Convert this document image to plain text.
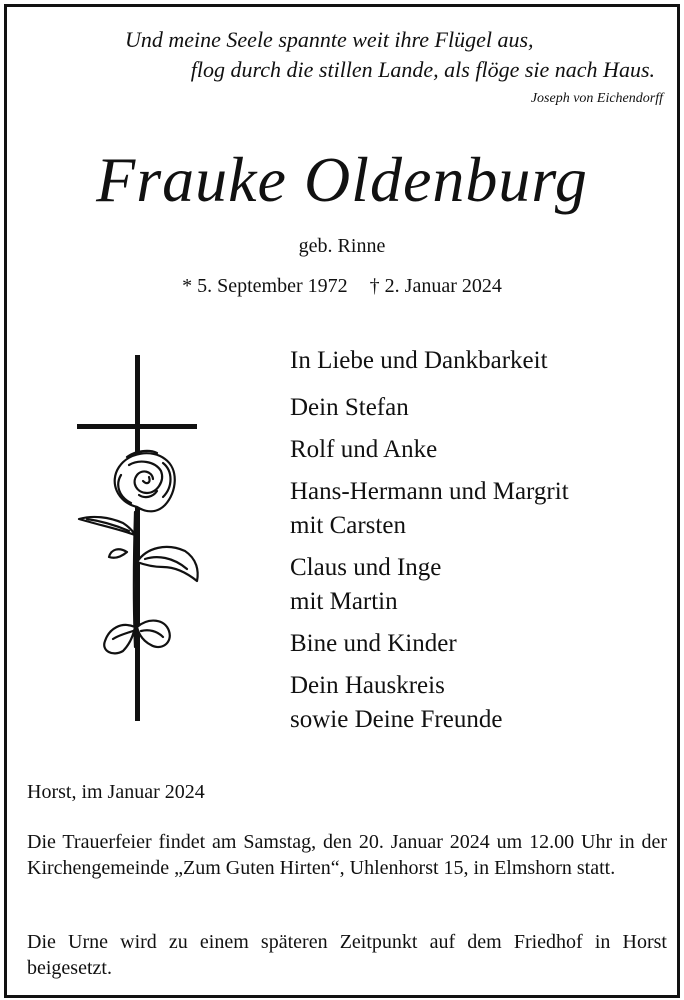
Und meine Seele spannte weit ihre Flügel aus,
flog durch die stillen Lande, als flöge sie nach Haus.
Joseph von Eichendorff
Frauke Oldenburg
geb. Rinne
* 5. September 1972 † 2. Januar 2024
In Liebe und Dankbarkeit
Dein Stefan
Rolf und Anke
Hans-Hermann und Margrit
mit Carsten
Claus und Inge
mit Martin
Bine und Kinder
Dein Hauskreis
sowie Deine Freunde
Horst, im Januar 2024
Die Trauerfeier findet am Samstag, den 20. Januar 2024 um 12.00 Uhr in der Kirchengemeinde „Zum Guten Hirten“, Uhlenhorst 15, in Elmshorn statt.
Die Urne wird zu einem späteren Zeitpunkt auf dem Friedhof in Horst beigesetzt.
